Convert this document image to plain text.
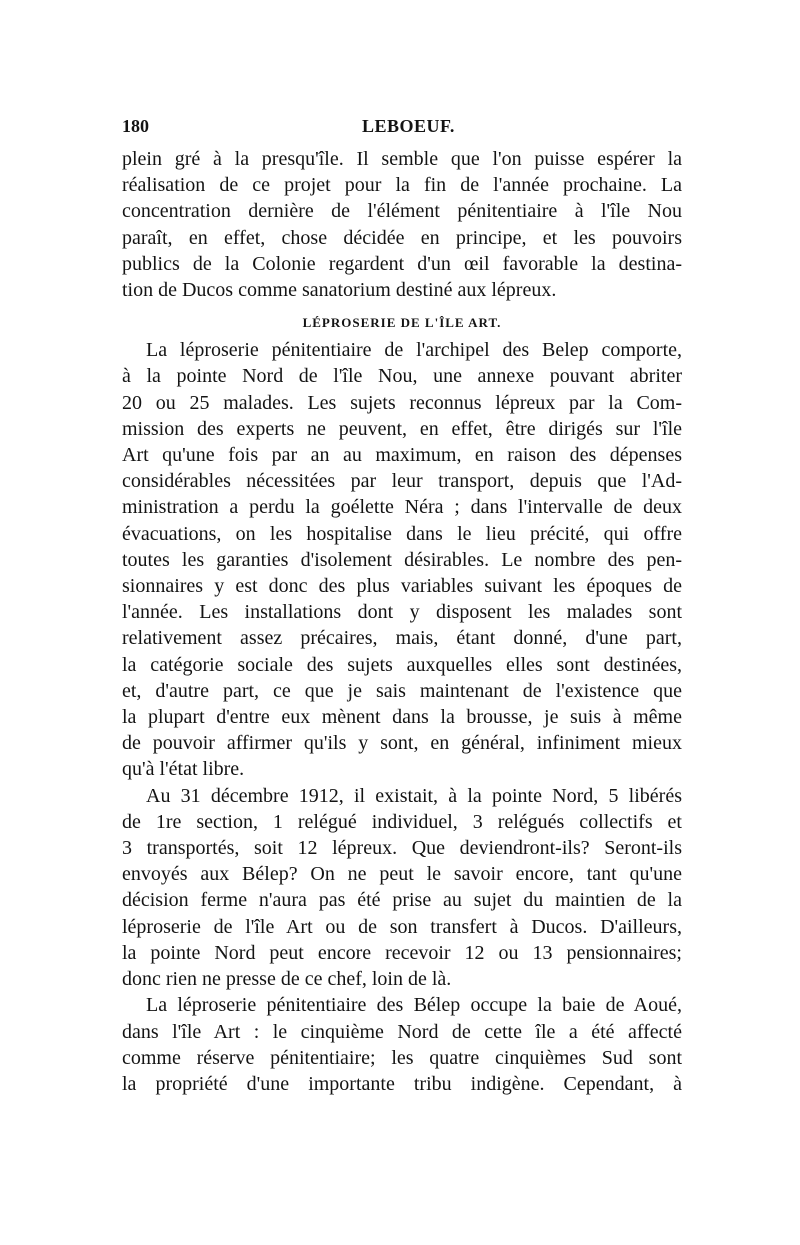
180	LEBOEUF.

plein gré à la presqu'île. Il semble que l'on puisse espérer la
réalisation de ce projet pour la fin de l'année prochaine. La
concentration dernière de l'élément pénitentiaire à l'île Nou
paraît, en effet, chose décidée en principe, et les pouvoirs
publics de la Colonie regardent d'un œil favorable la destina-
tion de Ducos comme sanatorium destiné aux lépreux.

LÉPROSERIE DE L'ÎLE ART.

La léproserie pénitentiaire de l'archipel des Belep comporte,
à la pointe Nord de l'île Nou, une annexe pouvant abriter
20 ou 25 malades. Les sujets reconnus lépreux par la Com-
mission des experts ne peuvent, en effet, être dirigés sur l'île
Art qu'une fois par an au maximum, en raison des dépenses
considérables nécessitées par leur transport, depuis que l'Ad-
ministration a perdu la goélette Néra ; dans l'intervalle de deux
évacuations, on les hospitalise dans le lieu précité, qui offre
toutes les garanties d'isolement désirables. Le nombre des pen-
sionnaires y est donc des plus variables suivant les époques de
l'année. Les installations dont y disposent les malades sont
relativement assez précaires, mais, étant donné, d'une part,
la catégorie sociale des sujets auxquelles elles sont destinées,
et, d'autre part, ce que je sais maintenant de l'existence que
la plupart d'entre eux mènent dans la brousse, je suis à même
de pouvoir affirmer qu'ils y sont, en général, infiniment mieux
qu'à l'état libre.

Au 31 décembre 1912, il existait, à la pointe Nord, 5 libérés
de 1re section, 1 relégué individuel, 3 relégués collectifs et
3 transportés, soit 12 lépreux. Que deviendront-ils? Seront-ils
envoyés aux Bélep? On ne peut le savoir encore, tant qu'une
décision ferme n'aura pas été prise au sujet du maintien de la
léproserie de l'île Art ou de son transfert à Ducos. D'ailleurs,
la pointe Nord peut encore recevoir 12 ou 13 pensionnaires;
donc rien ne presse de ce chef, loin de là.

La léproserie pénitentiaire des Bélep occupe la baie de Aoué,
dans l'île Art : le cinquième Nord de cette île a été affecté
comme réserve pénitentiaire; les quatre cinquièmes Sud sont
la propriété d'une importante tribu indigène. Cependant, à
